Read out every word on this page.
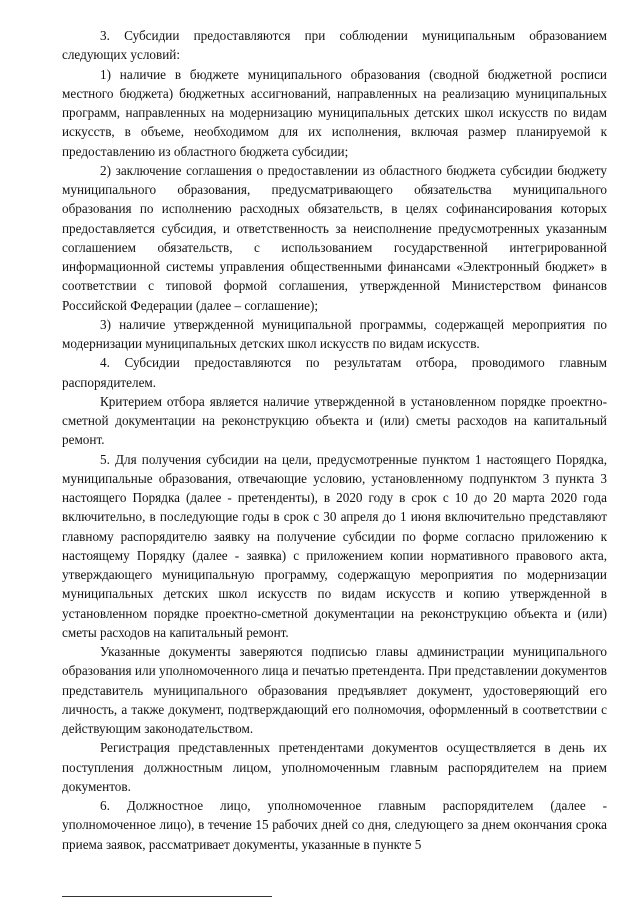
3. Субсидии предоставляются при соблюдении муниципальным образованием следующих условий:

1) наличие в бюджете муниципального образования (сводной бюджетной росписи местного бюджета) бюджетных ассигнований, направленных на реализацию муниципальных программ, направленных на модернизацию муниципальных детских школ искусств по видам искусств, в объеме, необходимом для их исполнения, включая размер планируемой к предоставлению из областного бюджета субсидии;

2) заключение соглашения о предоставлении из областного бюджета субсидии бюджету муниципального образования, предусматривающего обязательства муниципального образования по исполнению расходных обязательств, в целях софинансирования которых предоставляется субсидия, и ответственность за неисполнение предусмотренных указанным соглашением обязательств, с использованием государственной интегрированной информационной системы управления общественными финансами «Электронный бюджет» в соответствии с типовой формой соглашения, утвержденной Министерством финансов Российской Федерации (далее – соглашение);

3) наличие утвержденной муниципальной программы, содержащей мероприятия по модернизации муниципальных детских школ искусств по видам искусств.

4. Субсидии предоставляются по результатам отбора, проводимого главным распорядителем.

Критерием отбора является наличие утвержденной в установленном порядке проектно-сметной документации на реконструкцию объекта и (или) сметы расходов на капитальный ремонт.

5. Для получения субсидии на цели, предусмотренные пунктом 1 настоящего Порядка, муниципальные образования, отвечающие условию, установленному подпунктом 3 пункта 3 настоящего Порядка (далее - претенденты), в 2020 году в срок с 10 до 20 марта 2020 года включительно, в последующие годы в срок с 30 апреля до 1 июня включительно представляют главному распорядителю заявку на получение субсидии по форме согласно приложению к настоящему Порядку (далее - заявка) с приложением копии нормативного правового акта, утверждающего муниципальную программу, содержащую мероприятия по модернизации муниципальных детских школ искусств по видам искусств и копию утвержденной в установленном порядке проектно-сметной документации на реконструкцию объекта и (или) сметы расходов на капитальный ремонт.

Указанные документы заверяются подписью главы администрации муниципального образования или уполномоченного лица и печатью претендента. При представлении документов представитель муниципального образования предъявляет документ, удостоверяющий его личность, а также документ, подтверждающий его полномочия, оформленный в соответствии с действующим законодательством.

Регистрация представленных претендентами документов осуществляется в день их поступления должностным лицом, уполномоченным главным распорядителем на прием документов.

6. Должностное лицо, уполномоченное главным распорядителем (далее - уполномоченное лицо), в течение 15 рабочих дней со дня, следующего за днем окончания срока приема заявок, рассматривает документы, указанные в пункте 5
